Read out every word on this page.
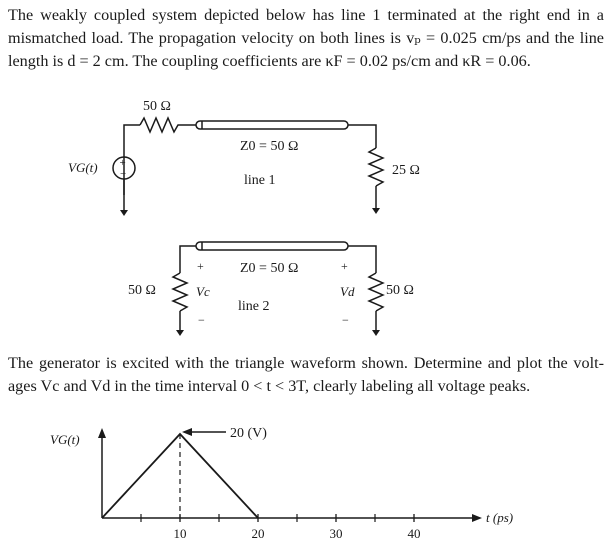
The weakly coupled system depicted below has line 1 terminated at the right end in a
mismatched load. The propagation velocity on both lines is vₚ = 0.025 cm/ps and the line
length is d = 2 cm. The coupling coefficients are κF = 0.02 ps/cm and κR = 0.06.
The generator is excited with the triangle waveform shown. Determine and plot the volt-
ages Vc and Vd in the time interval 0 < t < 3T, clearly labeling all voltage peaks.
50 Ω
+
−
VG(t)
Z0 = 50 Ω
line 1
25 Ω
Z0 = 50 Ω
line 2
50 Ω	50 Ω
+
Vc
−
+
Vd
−
VG(t)
t (ps)
10	20	30	40
20 (V)
